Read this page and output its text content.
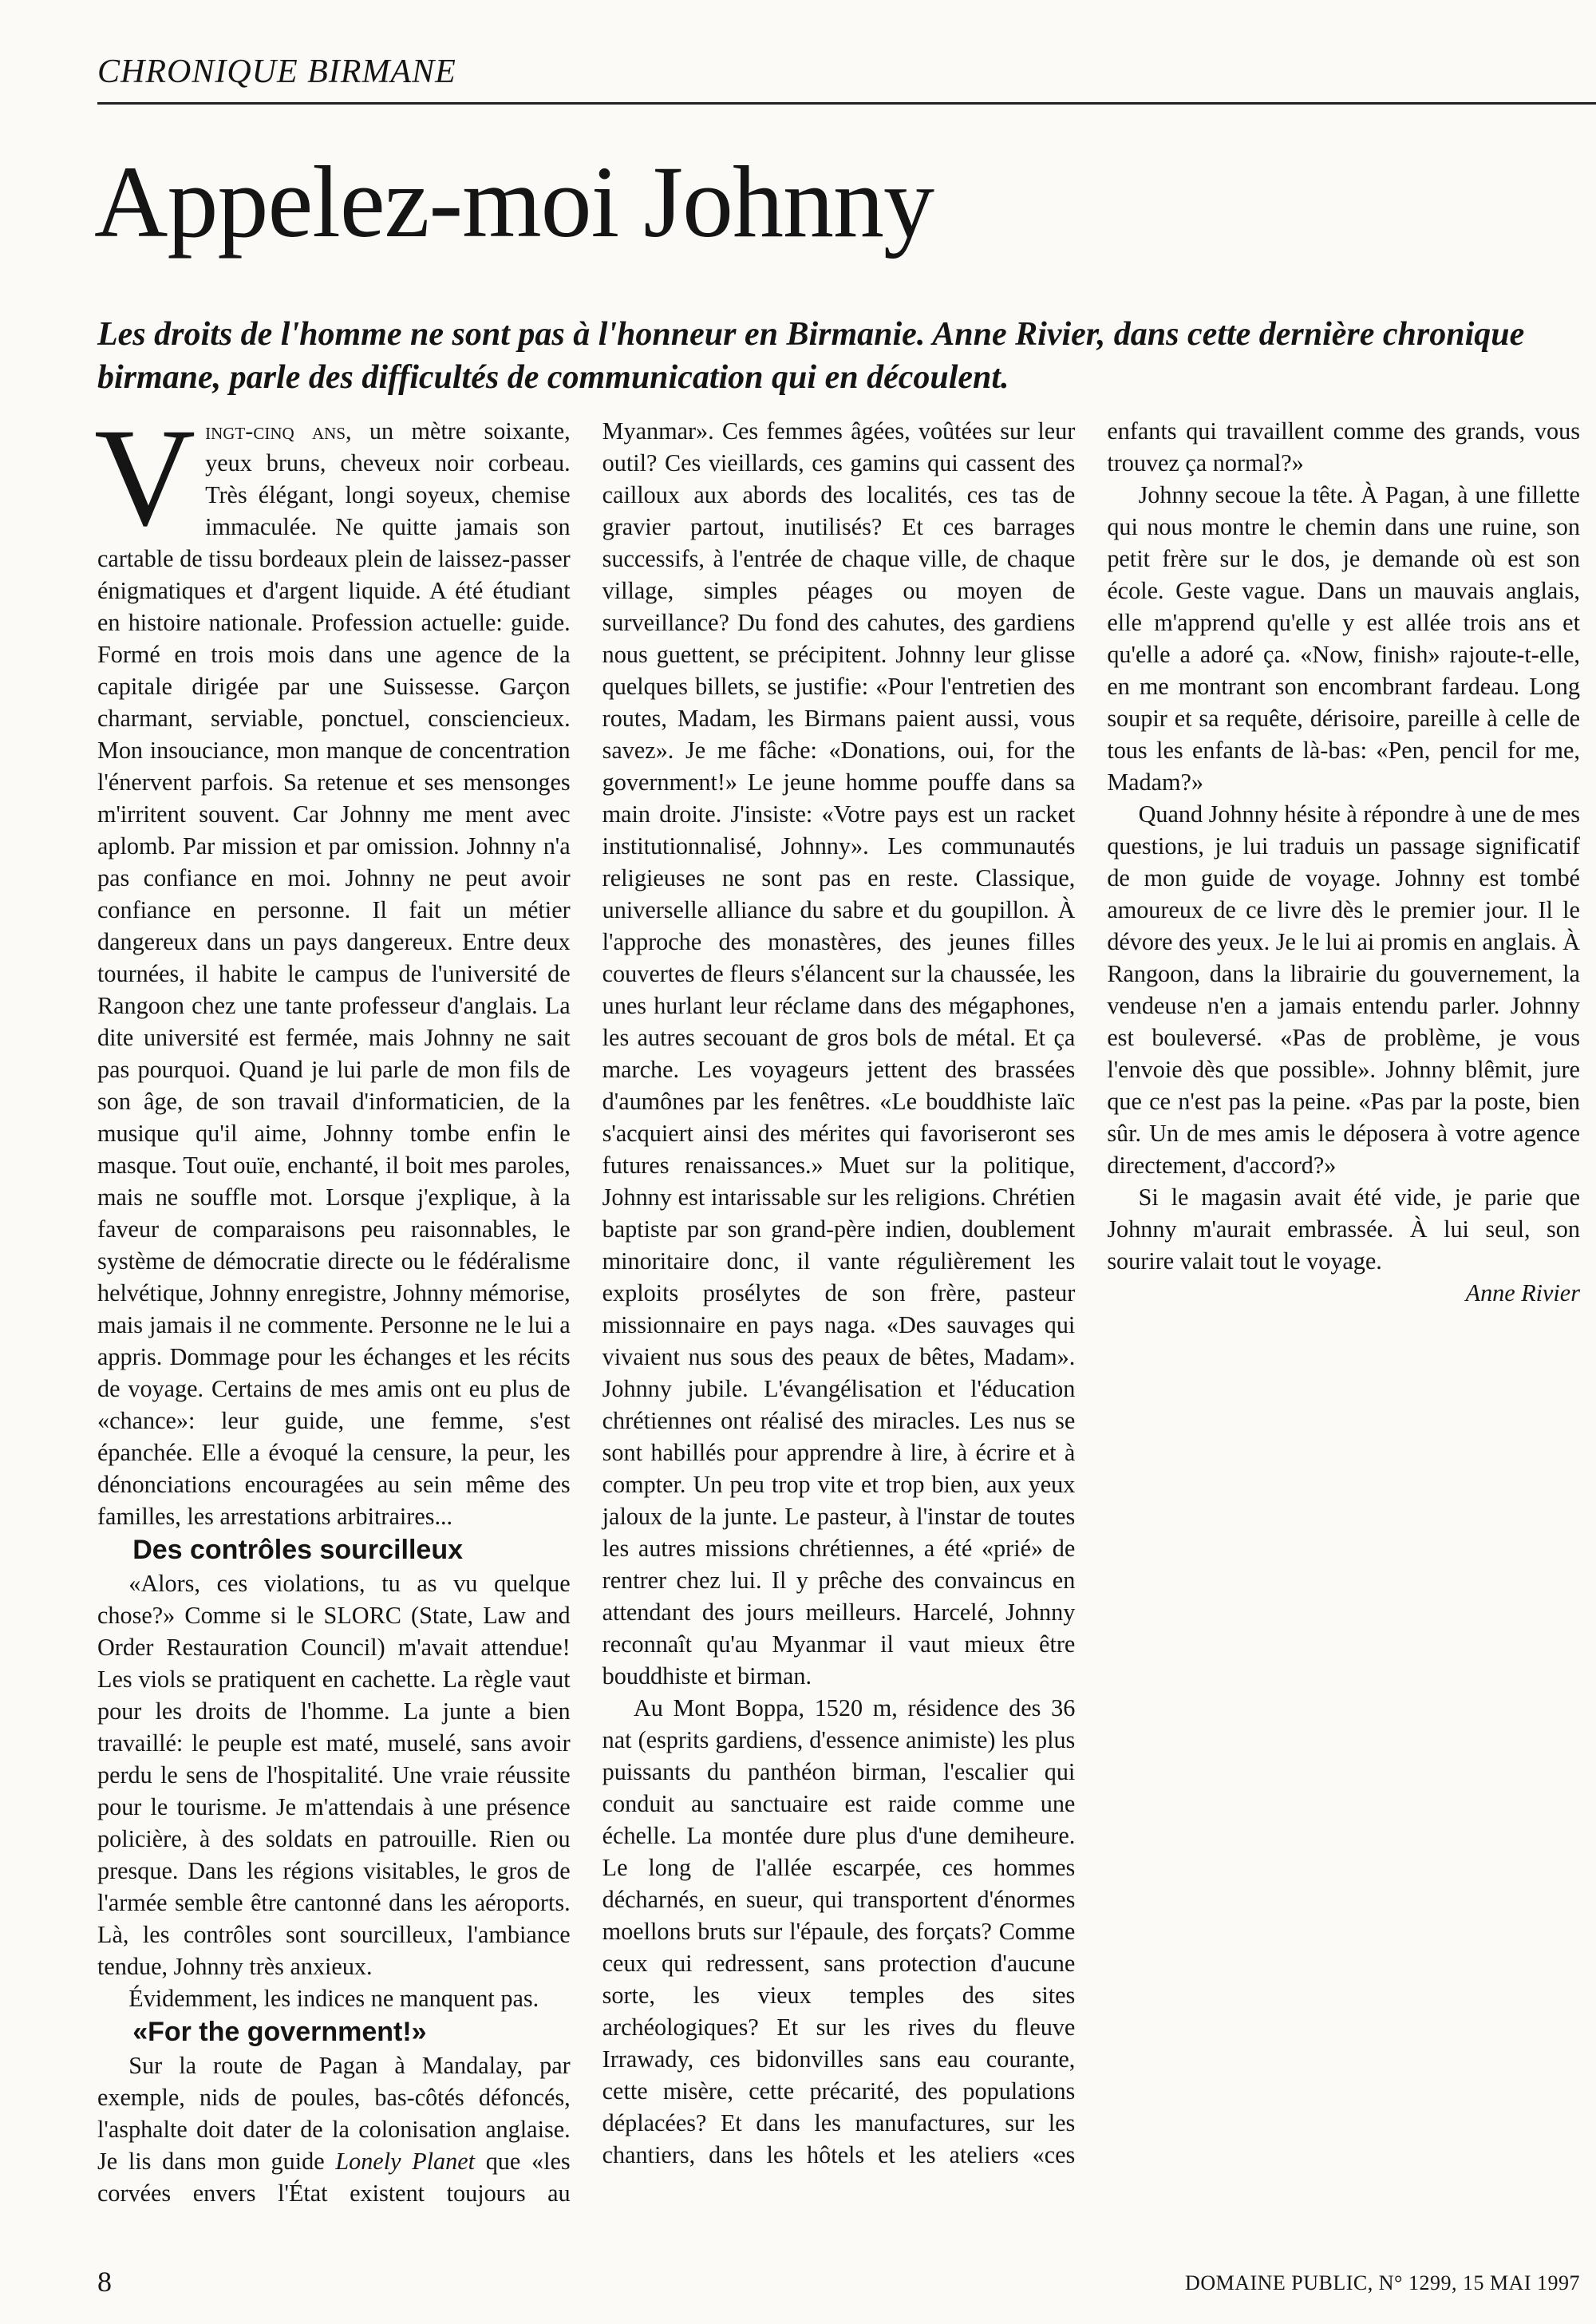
CHRONIQUE BIRMANE
Appelez-moi Johnny
Les droits de l'homme ne sont pas à l'honneur en Birmanie. Anne Rivier, dans cette dernière chronique birmane, parle des difficultés de communication qui en découlent.

Vingt-cinq ans, un mètre soixante, yeux bruns, cheveux noir corbeau. Très élégant, longi soyeux, chemise immaculée. Ne quitte jamais son cartable de tissu bordeaux plein de laissez-passer énigmatiques et d'argent liquide. A été étudiant en histoire nationale. Profession actuelle: guide. Formé en trois mois dans une agence de la capitale dirigée par une Suissesse. Garçon charmant, serviable, ponctuel, consciencieux. Mon insouciance, mon manque de concentration l'énervent parfois. Sa retenue et ses mensonges m'irritent souvent. Car Johnny me ment avec aplomb. Par mission et par omission. Johnny n'a pas confiance en moi. Johnny ne peut avoir confiance en personne. Il fait un métier dangereux dans un pays dangereux. Entre deux tournées, il habite le campus de l'université de Rangoon chez une tante professeur d'anglais. La dite université est fermée, mais Johnny ne sait pas pourquoi. Quand je lui parle de mon fils de son âge, de son travail d'informaticien, de la musique qu'il aime, Johnny tombe enfin le masque. Tout ouïe, enchanté, il boit mes paroles, mais ne souffle mot. Lorsque j'explique, à la faveur de comparaisons peu raisonnables, le système de démocratie directe ou le fédéralisme helvétique, Johnny enregistre, Johnny mémorise, mais jamais il ne commente. Personne ne le lui a appris. Dommage pour les échanges et les récits de voyage. Certains de mes amis ont eu plus de «chance»: leur guide, une femme, s'est épanchée. Elle a évoqué la censure, la peur, les dénonciations encouragées au sein même des familles, les arrestations arbitraires...

Des contrôles sourcilleux

«Alors, ces violations, tu as vu quelque chose?» Comme si le SLORC (State, Law and Order Restauration Council) m'avait attendue! Les viols se pratiquent en cachette. La règle vaut pour les droits de l'homme. La junte a bien travaillé: le peuple est maté, muselé, sans avoir perdu le sens de l'hospitalité. Une vraie réussite pour le tourisme. Je m'attendais à une présence policière, à des soldats en patrouille. Rien ou presque. Dans les régions visitables, le gros de l'armée semble être cantonné dans les aéroports. Là, les contrôles sont sourcilleux, l'ambiance tendue, Johnny très anxieux.

Évidemment, les indices ne manquent pas.

«For the government!»

Sur la route de Pagan à Mandalay, par exemple, nids de poules, bas-côtés défoncés, l'asphalte doit dater de la colonisation anglaise. Je lis dans mon guide Lonely Planet que «les corvées envers l'État existent toujours au Myanmar». Ces femmes âgées, voûtées sur leur outil? Ces vieillards, ces gamins qui cassent des cailloux aux abords des localités, ces tas de gravier partout, inutilisés? Et ces barrages successifs, à l'entrée de chaque ville, de chaque village, simples péages ou moyen de surveillance? Du fond des cahutes, des gardiens nous guettent, se précipitent. Johnny leur glisse quelques billets, se justifie: «Pour l'entretien des routes, Madam, les Birmans paient aussi, vous savez». Je me fâche: «Donations, oui, for the government!» Le jeune homme pouffe dans sa main droite. J'insiste: «Votre pays est un racket institutionnalisé, Johnny». Les communautés religieuses ne sont pas en reste. Classique, universelle alliance du sabre et du goupillon. À l'approche des monastères, des jeunes filles couvertes de fleurs s'élancent sur la chaussée, les unes hurlant leur réclame dans des mégaphones, les autres secouant de gros bols de métal. Et ça marche. Les voyageurs jettent des brassées d'aumônes par les fenêtres. «Le bouddhiste laïc s'acquiert ainsi des mérites qui favoriseront ses futures renaissances.» Muet sur la politique, Johnny est intarissable sur les religions. Chrétien baptiste par son grand-père indien, doublement minoritaire donc, il vante régulièrement les exploits prosélytes de son frère, pasteur missionnaire en pays naga. «Des sauvages qui vivaient nus sous des peaux de bêtes, Madam». Johnny jubile. L'évangélisation et l'éducation chrétiennes ont réalisé des miracles. Les nus se sont habillés pour apprendre à lire, à écrire et à compter. Un peu trop vite et trop bien, aux yeux jaloux de la junte. Le pasteur, à l'instar de toutes les autres missions chrétiennes, a été «prié» de rentrer chez lui. Il y prêche des convaincus en attendant des jours meilleurs. Harcelé, Johnny reconnaît qu'au Myanmar il vaut mieux être bouddhiste et birman.

Au Mont Boppa, 1520 m, résidence des 36 nat (esprits gardiens, d'essence animiste) les plus puissants du panthéon birman, l'escalier qui conduit au sanctuaire est raide comme une échelle. La montée dure plus d'une demiheure. Le long de l'allée escarpée, ces hommes décharnés, en sueur, qui transportent d'énormes moellons bruts sur l'épaule, des forçats? Comme ceux qui redressent, sans protection d'aucune sorte, les vieux temples des sites archéologiques? Et sur les rives du fleuve Irrawady, ces bidonvilles sans eau courante, cette misère, cette précarité, des populations déplacées? Et dans les manufactures, sur les chantiers, dans les hôtels et les ateliers «ces enfants qui travaillent comme des grands, vous trouvez ça normal?»

Johnny secoue la tête. À Pagan, à une fillette qui nous montre le chemin dans une ruine, son petit frère sur le dos, je demande où est son école. Geste vague. Dans un mauvais anglais, elle m'apprend qu'elle y est allée trois ans et qu'elle a adoré ça. «Now, finish» rajoute-t-elle, en me montrant son encombrant fardeau. Long soupir et sa requête, dérisoire, pareille à celle de tous les enfants de là-bas: «Pen, pencil for me, Madam?»

Quand Johnny hésite à répondre à une de mes questions, je lui traduis un passage significatif de mon guide de voyage. Johnny est tombé amoureux de ce livre dès le premier jour. Il le dévore des yeux. Je le lui ai promis en anglais. À Rangoon, dans la librairie du gouvernement, la vendeuse n'en a jamais entendu parler. Johnny est bouleversé. «Pas de problème, je vous l'envoie dès que possible». Johnny blêmit, jure que ce n'est pas la peine. «Pas par la poste, bien sûr. Un de mes amis le déposera à votre agence directement, d'accord?»

Si le magasin avait été vide, je parie que Johnny m'aurait embrassée. À lui seul, son sourire valait tout le voyage.

Anne Rivier

8	DOMAINE PUBLIC, N° 1299, 15 MAI 1997
